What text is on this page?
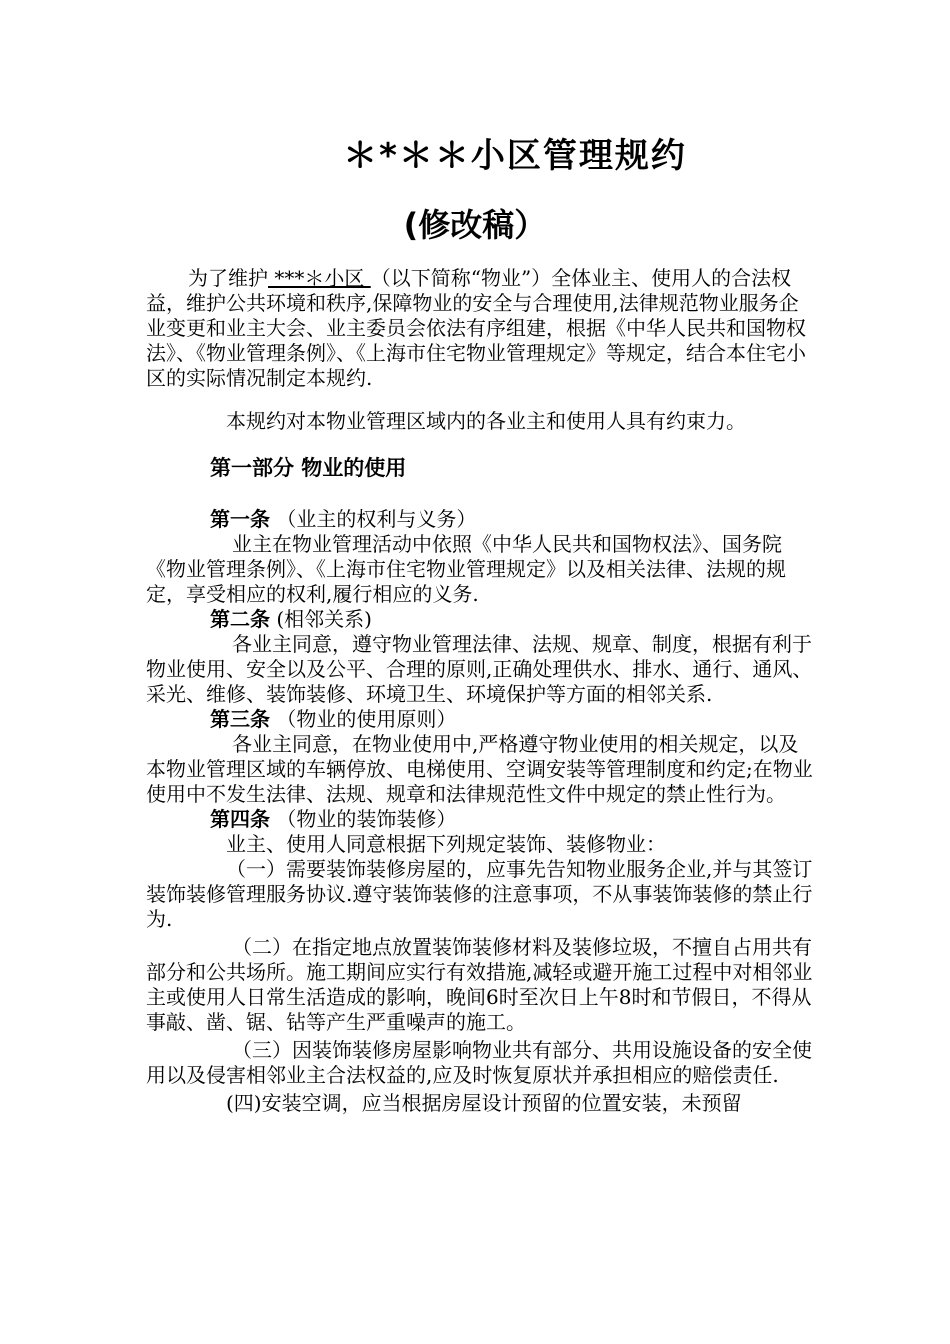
＊*＊＊小区管理规约
(修改稿）

为了维护 ***＊小区 （以下简称“物业”）全体业主、使用人的合法权益，维护公共环境和秩序,保障物业的安全与合理使用,法律规范物业服务企业变更和业主大会、业主委员会依法有序组建，根据《中华人民共和国物权法》、《物业管理条例》、《上海市住宅物业管理规定》等规定，结合本住宅小区的实际情况制定本规约.

本规约对本物业管理区域内的各业主和使用人具有约束力。

第一部分 物业的使用

第一条 （业主的权利与义务）

业主在物业管理活动中依照《中华人民共和国物权法》、国务院《物业管理条例》、《上海市住宅物业管理规定》以及相关法律、法规的规定，享受相应的权利,履行相应的义务.

第二条 (相邻关系)

各业主同意，遵守物业管理法律、法规、规章、制度，根据有利于物业使用、安全以及公平、合理的原则,正确处理供水、排水、通行、通风、采光、维修、装饰装修、环境卫生、环境保护等方面的相邻关系.

第三条 （物业的使用原则）

各业主同意，在物业使用中,严格遵守物业使用的相关规定，以及本物业管理区域的车辆停放、电梯使用、空调安装等管理制度和约定;在物业使用中不发生法律、法规、规章和法律规范性文件中规定的禁止性行为。

第四条 （物业的装饰装修）

业主、使用人同意根据下列规定装饰、装修物业：

（一）需要装饰装修房屋的，应事先告知物业服务企业,并与其签订装饰装修管理服务协议.遵守装饰装修的注意事项，不从事装饰装修的禁止行为.

（二）在指定地点放置装饰装修材料及装修垃圾，不擅自占用共有部分和公共场所。施工期间应实行有效措施,减轻或避开施工过程中对相邻业主或使用人日常生活造成的影响，晚间6时至次日上午8时和节假日，不得从事敲、凿、锯、钻等产生严重噪声的施工。

（三）因装饰装修房屋影响物业共有部分、共用设施设备的安全使用以及侵害相邻业主合法权益的,应及时恢复原状并承担相应的赔偿责任.

(四)安装空调，应当根据房屋设计预留的位置安装，未预留
